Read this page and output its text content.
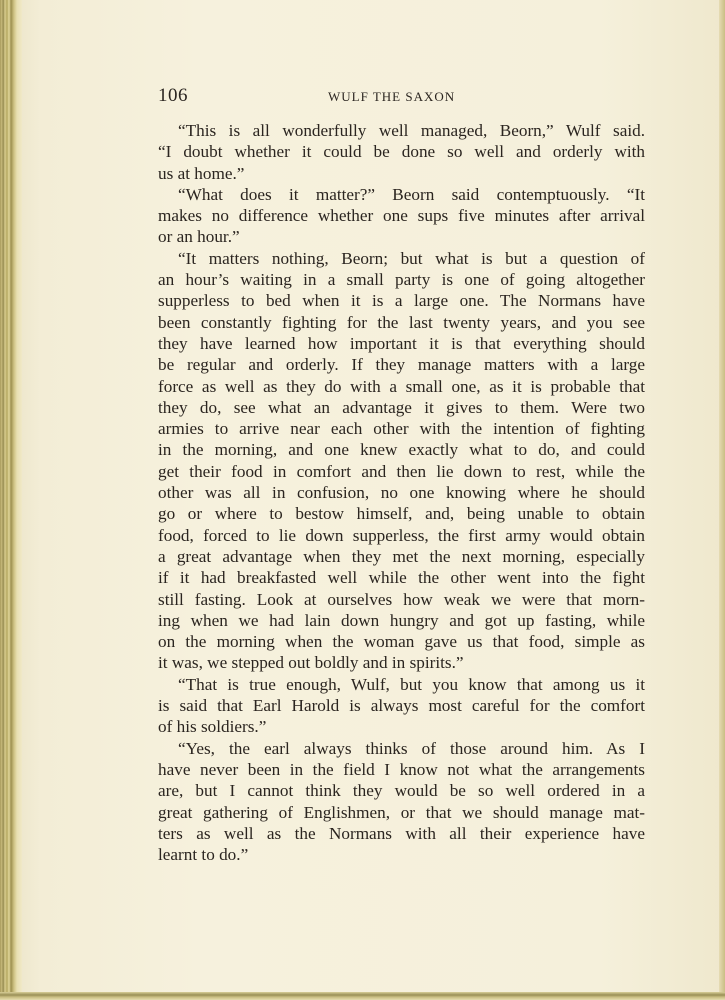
106	WULF THE SAXON
“This is all wonderfully well managed, Beorn,” Wulf said.
“I doubt whether it could be done so well and orderly with
us at home.”
“What does it matter?” Beorn said contemptuously. “It
makes no difference whether one sups five minutes after arrival
or an hour.”
“It matters nothing, Beorn; but what is but a question of
an hour’s waiting in a small party is one of going altogether
supperless to bed when it is a large one. The Normans have
been constantly fighting for the last twenty years, and you see
they have learned how important it is that everything should
be regular and orderly. If they manage matters with a large
force as well as they do with a small one, as it is probable that
they do, see what an advantage it gives to them. Were two
armies to arrive near each other with the intention of fighting
in the morning, and one knew exactly what to do, and could
get their food in comfort and then lie down to rest, while the
other was all in confusion, no one knowing where he should
go or where to bestow himself, and, being unable to obtain
food, forced to lie down supperless, the first army would obtain
a great advantage when they met the next morning, especially
if it had breakfasted well while the other went into the fight
still fasting. Look at ourselves how weak we were that morn-
ing when we had lain down hungry and got up fasting, while
on the morning when the woman gave us that food, simple as
it was, we stepped out boldly and in spirits.”
“That is true enough, Wulf, but you know that among us it
is said that Earl Harold is always most careful for the comfort
of his soldiers.”
“Yes, the earl always thinks of those around him. As I
have never been in the field I know not what the arrangements
are, but I cannot think they would be so well ordered in a
great gathering of Englishmen, or that we should manage mat-
ters as well as the Normans with all their experience have
learnt to do.”
